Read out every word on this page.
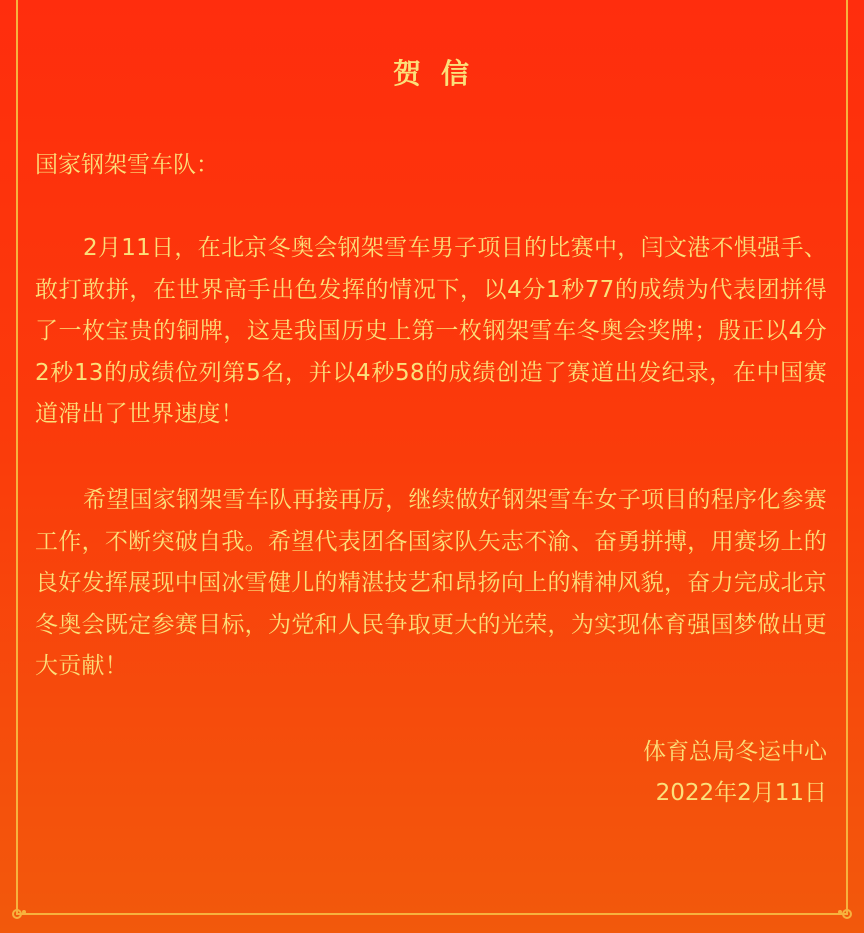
贺信
国家钢架雪车队：
2月11日，在北京冬奥会钢架雪车男子项目的比赛中，闫文港不惧强手、敢打敢拼，在世界高手出色发挥的情况下，以4分1秒77的成绩为代表团拼得了一枚宝贵的铜牌，这是我国历史上第一枚钢架雪车冬奥会奖牌；殷正以4分2秒13的成绩位列第5名，并以4秒58的成绩创造了赛道出发纪录，在中国赛道滑出了世界速度！
希望国家钢架雪车队再接再厉，继续做好钢架雪车女子项目的程序化参赛工作，不断突破自我。希望代表团各国家队矢志不渝、奋勇拼搏，用赛场上的良好发挥展现中国冰雪健儿的精湛技艺和昂扬向上的精神风貌，奋力完成北京冬奥会既定参赛目标，为党和人民争取更大的光荣，为实现体育强国梦做出更大贡献！
体育总局冬运中心
2022年2月11日
